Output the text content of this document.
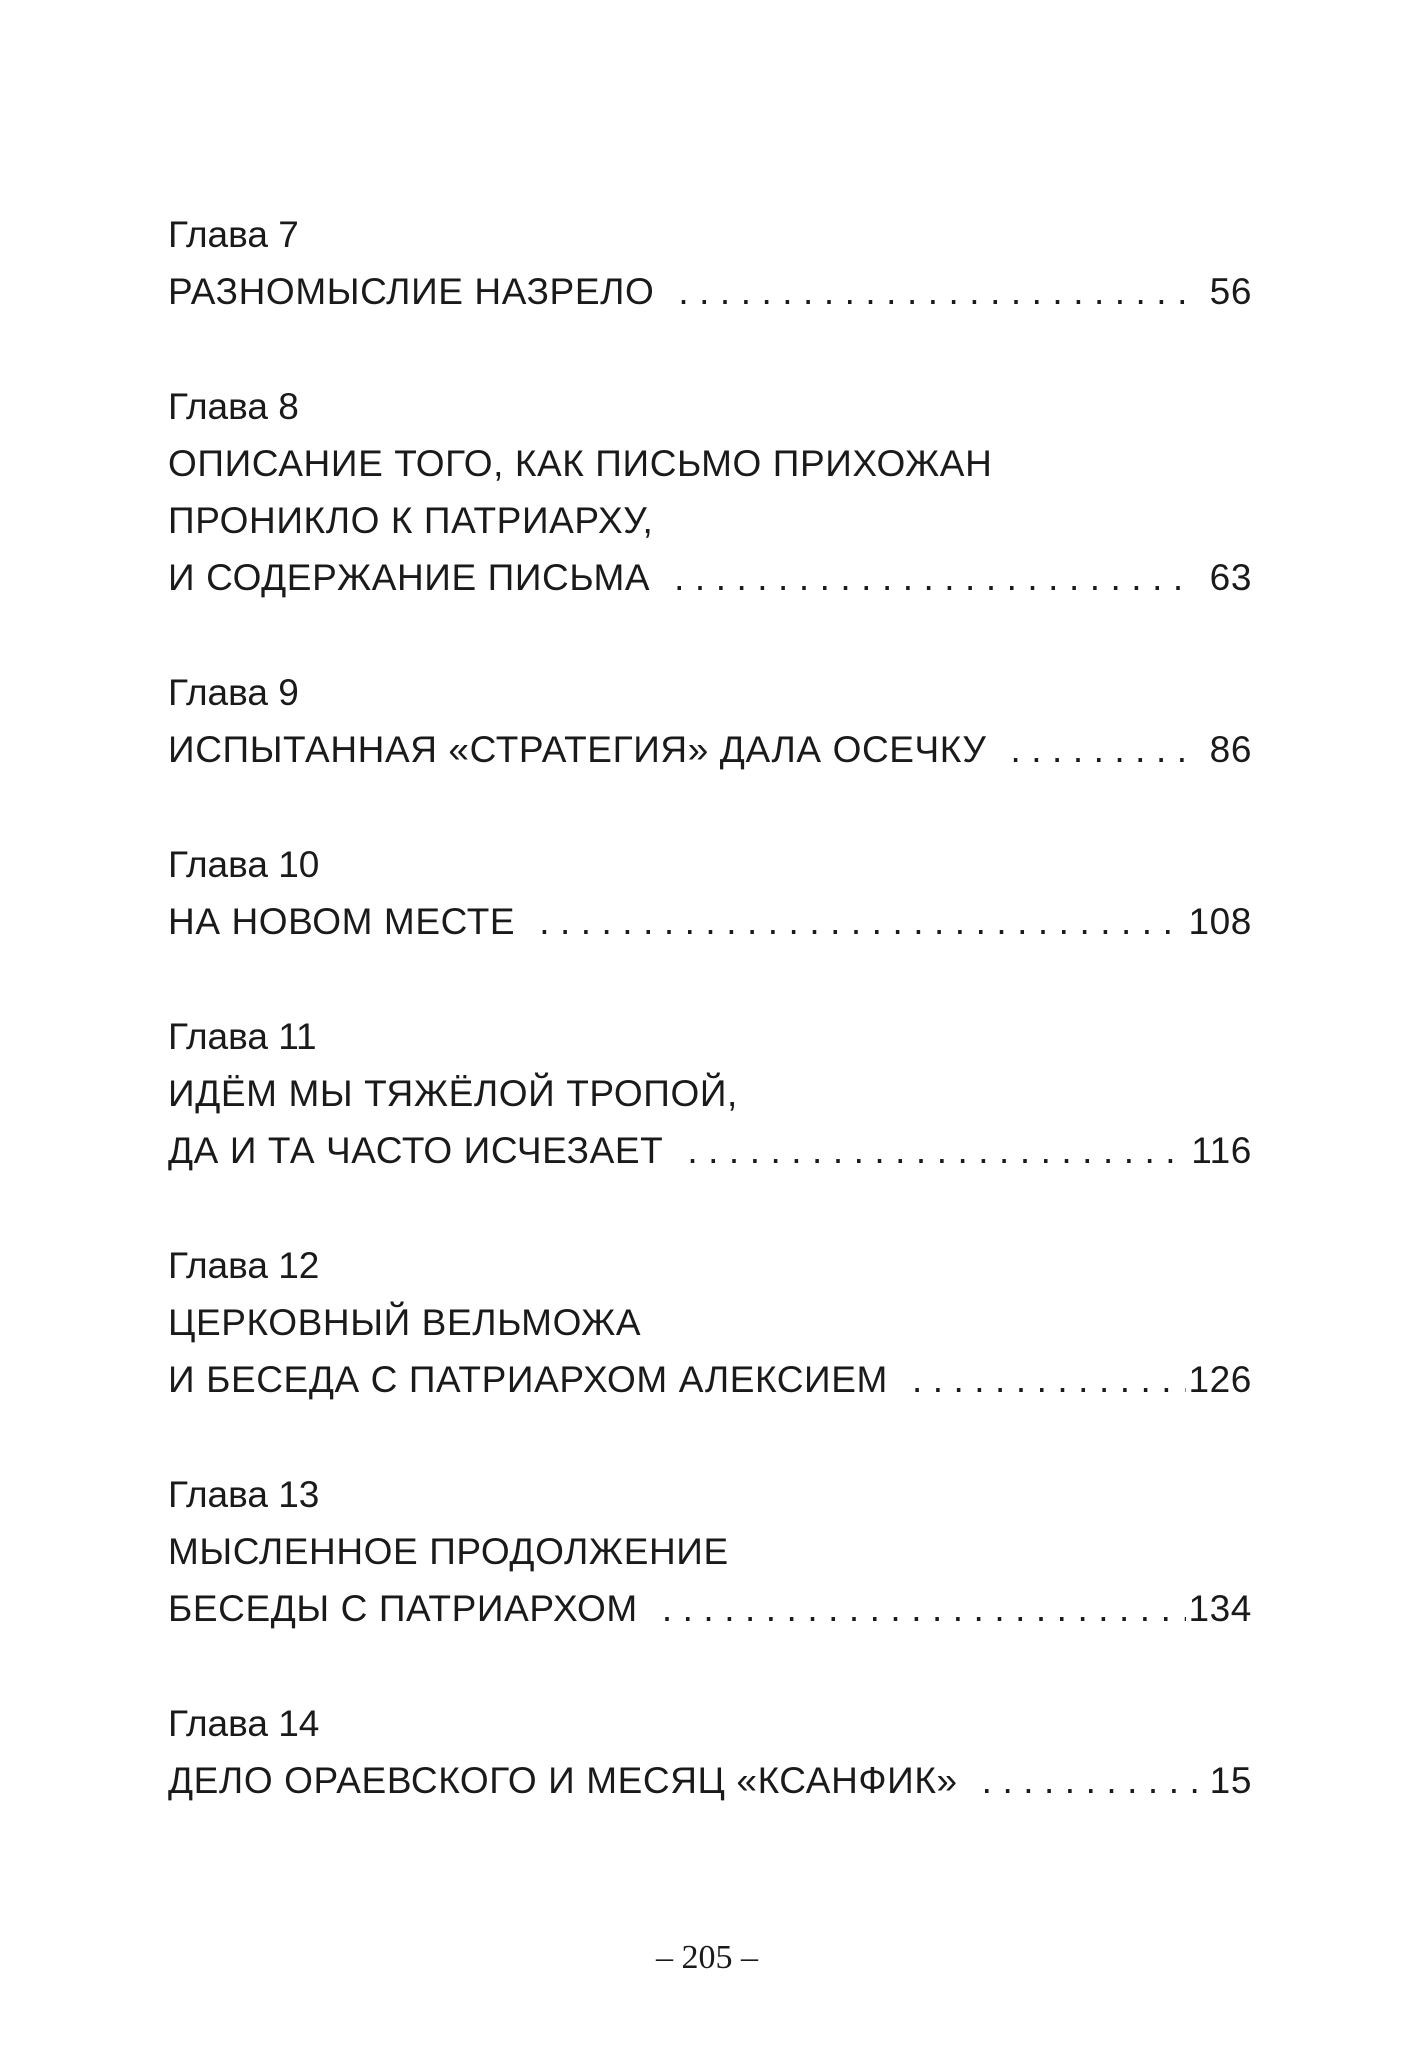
Глава 7
РАЗНОМЫСЛИЕ НАЗРЕЛО .....	56
Глава 8
ОПИСАНИЕ ТОГО, КАК ПИСЬМО ПРИХОЖАН
ПРОНИКЛО К ПАТРИАРХУ,
И СОДЕРЖАНИЕ ПИСЬМА .....	63
Глава 9
ИСПЫТАННАЯ «СТРАТЕГИЯ» ДАЛА ОСЕЧКУ .....	86
Глава 10
НА НОВОМ МЕСТЕ .....	108
Глава 11
ИДЁМ МЫ ТЯЖЁЛОЙ ТРОПОЙ,
ДА И ТА ЧАСТО ИСЧЕЗАЕТ .....	116
Глава 12
ЦЕРКОВНЫЙ ВЕЛЬМОЖА
И БЕСЕДА С ПАТРИАРХОМ АЛЕКСИЕМ .....	126
Глава 13
МЫСЛЕННОЕ ПРОДОЛЖЕНИЕ
БЕСЕДЫ С ПАТРИАРХОМ .....	134
Глава 14
ДЕЛО ОРАЕВСКОГО И МЕСЯЦ «КСАНФИК» .....	15
– 205 –
